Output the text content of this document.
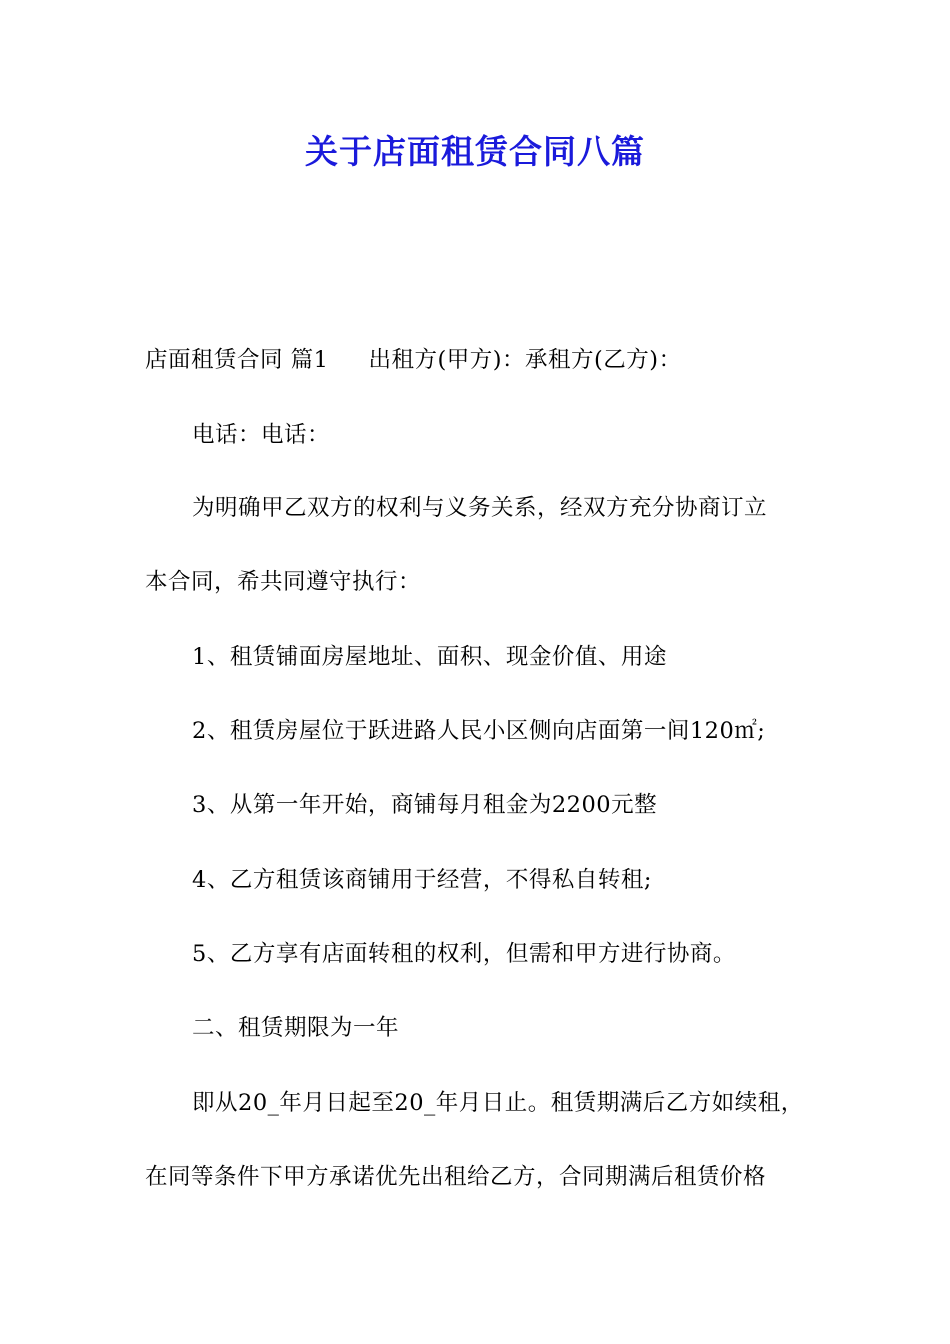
关于店面租赁合同八篇
店面租赁合同 篇1 出租方(甲方)：承租方(乙方)：
电话：电话：
为明确甲乙双方的权利与义务关系，经双方充分协商订立
本合同，希共同遵守执行：
1、租赁铺面房屋地址、面积、现金价值、用途
2、租赁房屋位于跃进路人民小区侧向店面第一间120㎡;
3、从第一年开始，商铺每月租金为2200元整
4、乙方租赁该商铺用于经营，不得私自转租;
5、乙方享有店面转租的权利，但需和甲方进行协商。
二、租赁期限为一年
即从20_年月日起至20_年月日止。租赁期满后乙方如续租，
在同等条件下甲方承诺优先出租给乙方，合同期满后租赁价格
